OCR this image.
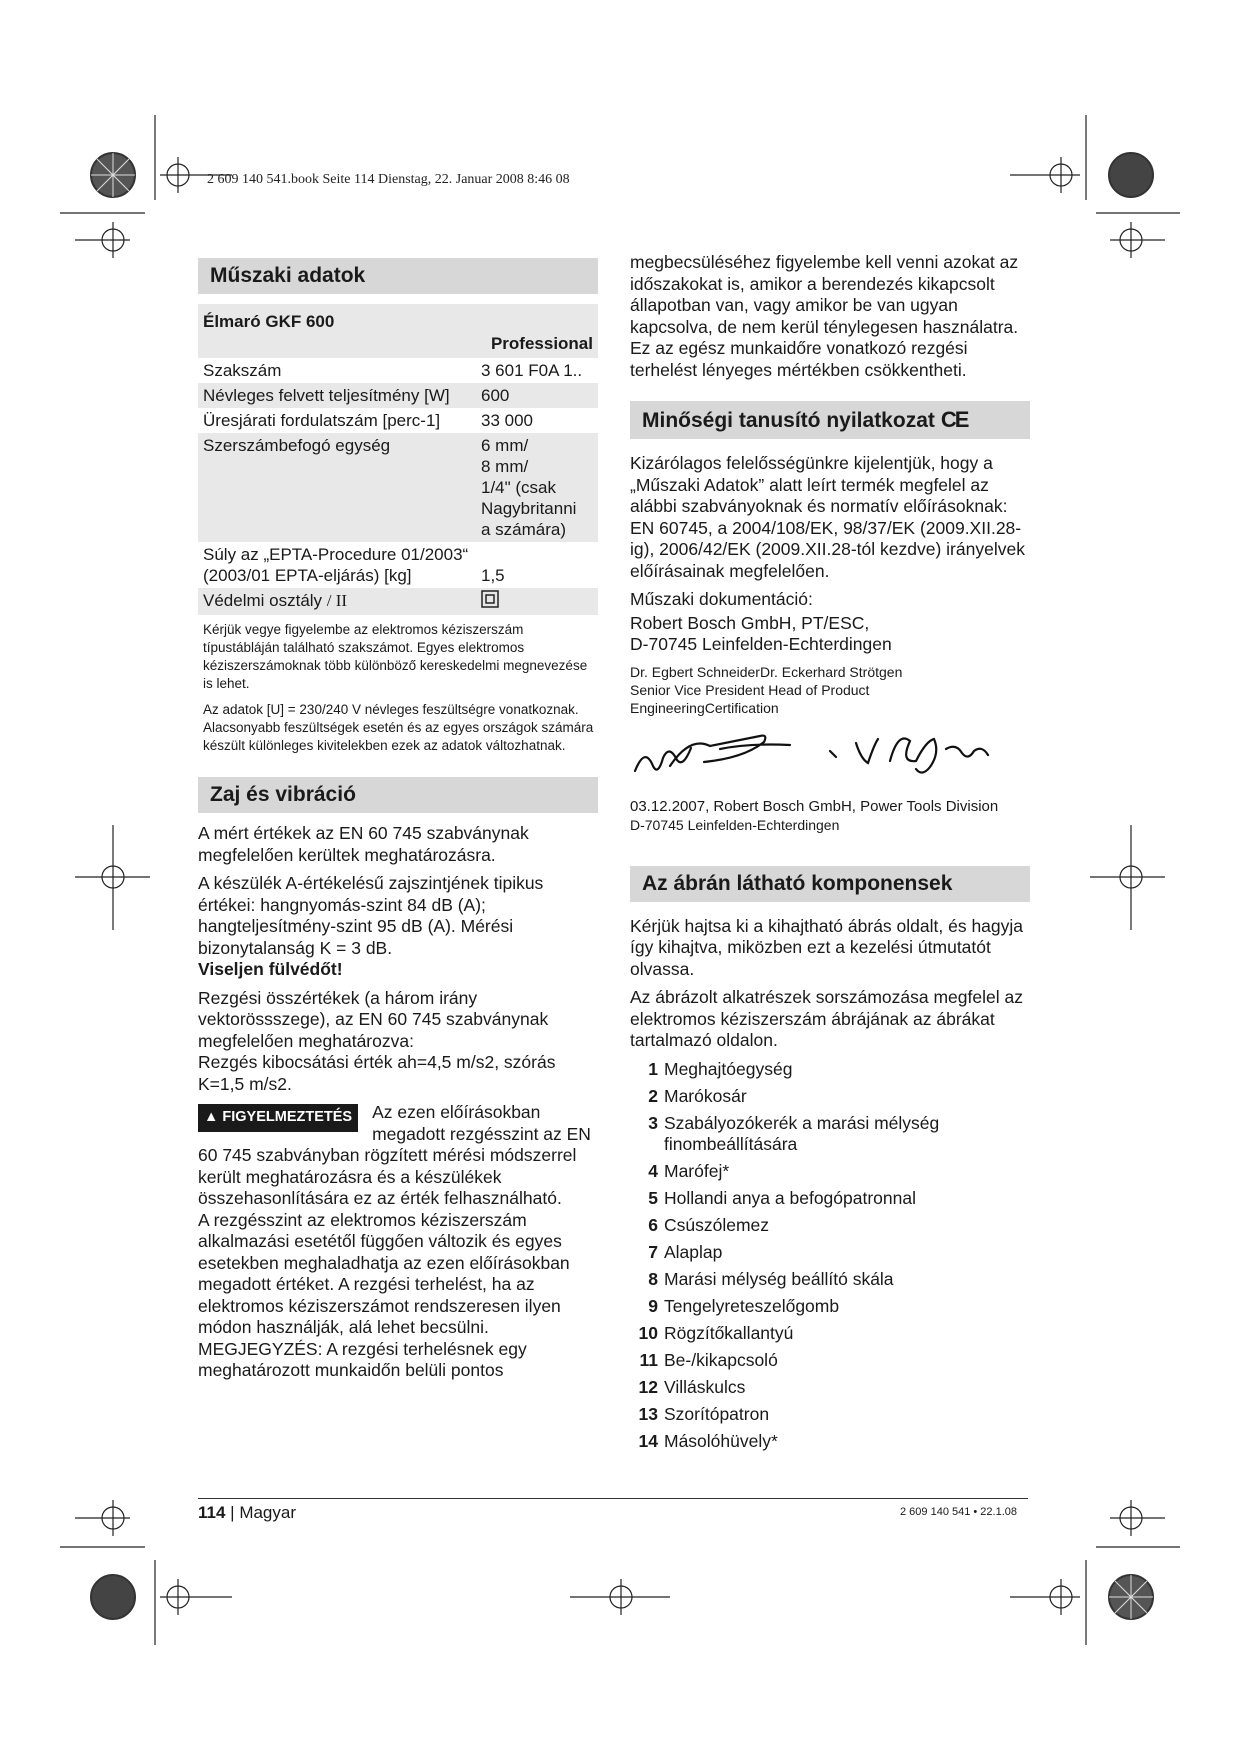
2 609 140 541.book Seite 114 Dienstag, 22. Januar 2008 8:46 08
Műszaki adatok
Élmaró GKF 600
Professional
Szakszám	3 601 F0A 1..
Névleges felvett teljesítmény [W]	600
Üresjárati fordulatszám [perc-1]	33 000
Szerszámbefogó egység	6 mm/
8 mm/
1/4" (csak
Nagybritanni
a számára)

Súly az „EPTA-Procedure 01/2003“ (2003/01 EPTA-eljárás) [kg]	1,5
Védelmi osztály / II	
Kérjük vegye figyelembe az elektromos kéziszerszám típustábláján található szakszámot. Egyes elektromos kéziszerszámoknak több különböző kereskedelmi megnevezése is lehet.
Az adatok [U] = 230/240 V névleges feszültségre vonatkoznak. Alacsonyabb feszültségek esetén és az egyes országok számára készült különleges kivitelekben ezek az adatok változhatnak.
Zaj és vibráció

A mért értékek az EN 60 745 szabványnak megfelelően kerültek meghatározásra.

A készülék A-értékelésű zajszintjének tipikus értékei: hangnyomás-szint 84 dB (A); hangteljesítmény-szint 95 dB (A). Mérési bizonytalanság K = 3 dB.

Viseljen fülvédőt!

Rezgési összértékek (a három irány vektorössszege), az EN 60 745 szabványnak megfelelően meghatározva:

Rezgés kibocsátási érték ah=4,5 m/s2, szórás K=1,5 m/s2.

▲ FIGYELMEZTETÉS	Az ezen előírásokban megadott rezgésszint az EN 60 745 szabványban rögzített mérési módszerrel került meghatározásra és a készülékek összehasonlítására ez az érték felhasználható.

A rezgésszint az elektromos kéziszerszám alkalmazási esetétől függően változik és egyes esetekben meghaladhatja az ezen előírásokban megadott értéket. A rezgési terhelést, ha az elektromos kéziszerszámot rendszeresen ilyen módon használják, alá lehet becsülni.

MEGJEGYZÉS: A rezgési terhelésnek egy meghatározott munkaidőn belüli pontos

megbecsüléséhez figyelembe kell venni azokat az időszakokat is, amikor a berendezés kikapcsolt állapotban van, vagy amikor be van ugyan kapcsolva, de nem kerül ténylegesen használatra. Ez az egész munkaidőre vonatkozó rezgési terhelést lényeges mértékben csökkentheti.

Minőségi tanusító nyilatkozat CE

Kizárólagos felelősségünkre kijelentjük, hogy a „Műszaki Adatok” alatt leírt termék megfelel az alábbi szabványoknak és normatív előírásoknak: EN 60745, a 2004/108/EK, 98/37/EK (2009.XII.28-ig), 2006/42/EK (2009.XII.28-tól kezdve) irányelvek előírásainak megfelelően.

Műszaki dokumentáció:

Robert Bosch GmbH, PT/ESC,

D-70745 Leinfelden-Echterdingen

Dr. Egbert SchneiderDr. Eckerhard Strötgen
Senior Vice President Head of Product
EngineeringCertification
03.12.2007, Robert Bosch GmbH, Power Tools Division
D-70745 Leinfelden-Echterdingen
Az ábrán látható komponensek

Kérjük hajtsa ki a kihajtható ábrás oldalt, és hagyja így kihajtva, miközben ezt a kezelési útmutatót olvassa.

Az ábrázolt alkatrészek sorszámozása megfelel az elektromos kéziszerszám ábrájának az ábrákat tartalmazó oldalon.

1 Meghajtóegység
2 Marókosár
3 Szabályozókerék a marási mélység finombeállítására
4 Marófej*
5 Hollandi anya a befogópatronnal
6 Csúszólemez
7 Alaplap
8 Marási mélység beállító skála
9 Tengelyreteszelőgomb
10 Rögzítőkallantyú
11 Be-/kikapcsoló
12 Villáskulcs
13 Szorítópatron
14 Másolóhüvely*
114 | Magyar	2 609 140 541 • 22.1.08
